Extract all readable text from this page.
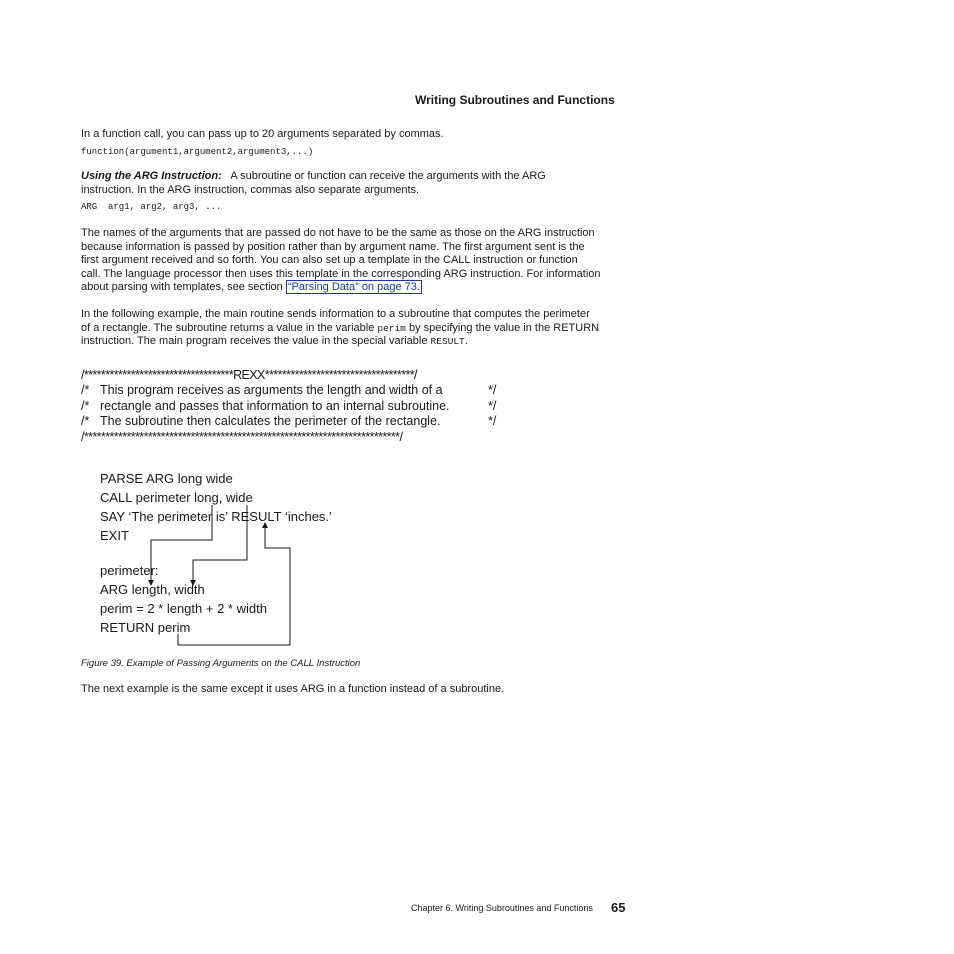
Writing Subroutines and Functions
In a function call, you can pass up to 20 arguments separated by commas.
function(argument1,argument2,argument3,...)
Using the ARG Instruction: A subroutine or function can receive the arguments with the ARG
instruction. In the ARG instruction, commas also separate arguments.
ARG  arg1, arg2, arg3, ...
The names of the arguments that are passed do not have to be the same as those on the ARG instruction
because information is passed by position rather than by argument name. The first argument sent is the
first argument received and so forth. You can also set up a template in the CALL instruction or function
call. The language processor then uses this template in the corresponding ARG instruction. For information
about parsing with templates, see section “Parsing Data” on page 73.
In the following example, the main routine sends information to a subroutine that computes the perimeter
of a rectangle. The subroutine returns a value in the variable perim by specifying the value in the RETURN
instruction. The main program receives the value in the special variable RESULT.
/***********************************REXX***********************************/
/* This program receives as arguments the length and width of a	*/
/* rectangle and passes that information to an internal subroutine.	*/
/* The subroutine then calculates the perimeter of the rectangle.	*/
/**************************************************************************/
PARSE ARG long wide
CALL perimeter long, wide
SAY ‘The perimeter is’ RESULT ‘inches.’
EXIT
perimeter:
ARG length, width
perim = 2 * length + 2 * width
RETURN perim
Figure 39. Example of Passing Arguments on the CALL Instruction
The next example is the same except it uses ARG in a function instead of a subroutine.
Chapter 6. Writing Subroutines and Functions 65
